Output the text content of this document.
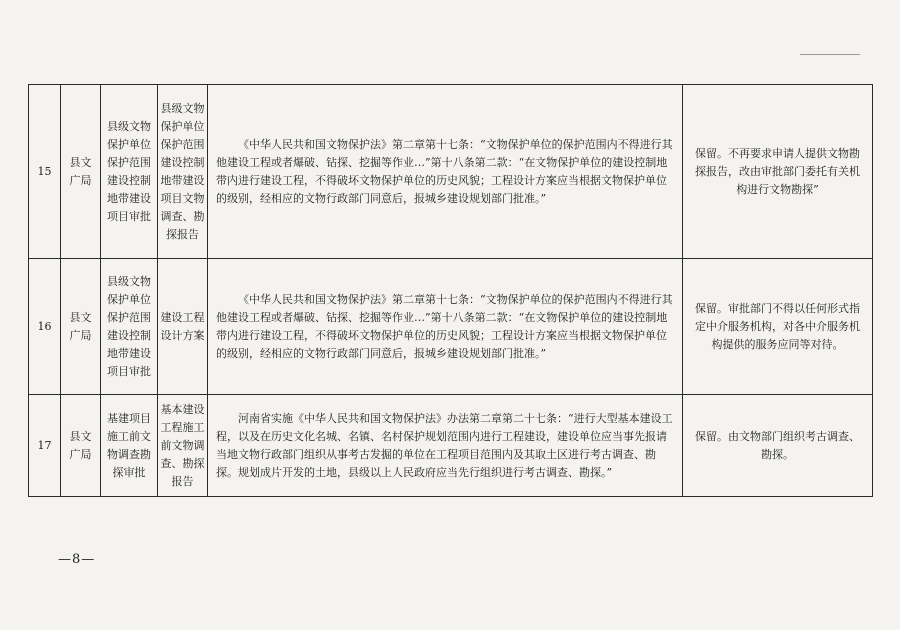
15	县文广局	县级文物保护单位保护范围建设控制地带建设项目审批	县级文物保护单位保护范围建设控制地带建设项目文物调查、勘探报告	《中华人民共和国文物保护法》第二章第十七条：“文物保护单位的保护范围内不得进行其他建设工程或者爆破、钻探、挖掘等作业…”第十八条第二款：“在文物保护单位的建设控制地带内进行建设工程，不得破坏文物保护单位的历史风貌；工程设计方案应当根据文物保护单位的级别，经相应的文物行政部门同意后，报城乡建设规划部门批准。”	保留。不再要求申请人提供文物勘探报告，改由审批部门委托有关机构进行文物勘探”
16	县文广局	县级文物保护单位保护范围建设控制地带建设项目审批	建设工程设计方案	《中华人民共和国文物保护法》第二章第十七条：“文物保护单位的保护范围内不得进行其他建设工程或者爆破、钻探、挖掘等作业…”第十八条第二款：“在文物保护单位的建设控制地带内进行建设工程，不得破坏文物保护单位的历史风貌；工程设计方案应当根据文物保护单位的级别，经相应的文物行政部门同意后，报城乡建设规划部门批准。”	保留。审批部门不得以任何形式指定中介服务机构，对各中介服务机构提供的服务应同等对待。
17	县文广局	基建项目施工前文物调查勘探审批	基本建设工程施工前文物调查、勘探报告	河南省实施《中华人民共和国文物保护法》办法第二章第二十七条：“进行大型基本建设工程，以及在历史文化名城、名镇、名村保护规划范围内进行工程建设，建设单位应当事先报请当地文物行政部门组织从事考古发掘的单位在工程项目范围内及其取土区进行考古调查、勘探。规划成片开发的土地，县级以上人民政府应当先行组织进行考古调查、勘探。”	保留。由文物部门组织考古调查、勘探。
—8—
